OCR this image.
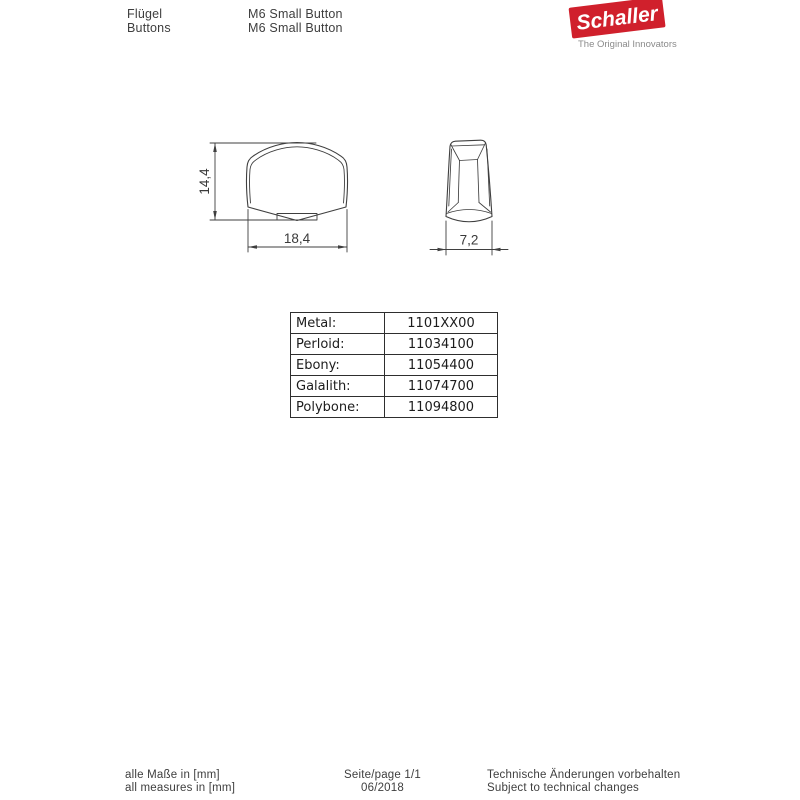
Flügel
Buttons
M6 Small Button
M6 Small Button	Schaller
The Original Innovators
14,4
18,4	7,2
Metal:	1101XX00
Perloid:	11034100
Ebony:	11054400
Galalith:	11074700
Polybone:	11094800
alle Maße in [mm]
all measures in [mm]
Seite/page 1/1
06/2018
Technische Änderungen vorbehalten
Subject to technical changes
